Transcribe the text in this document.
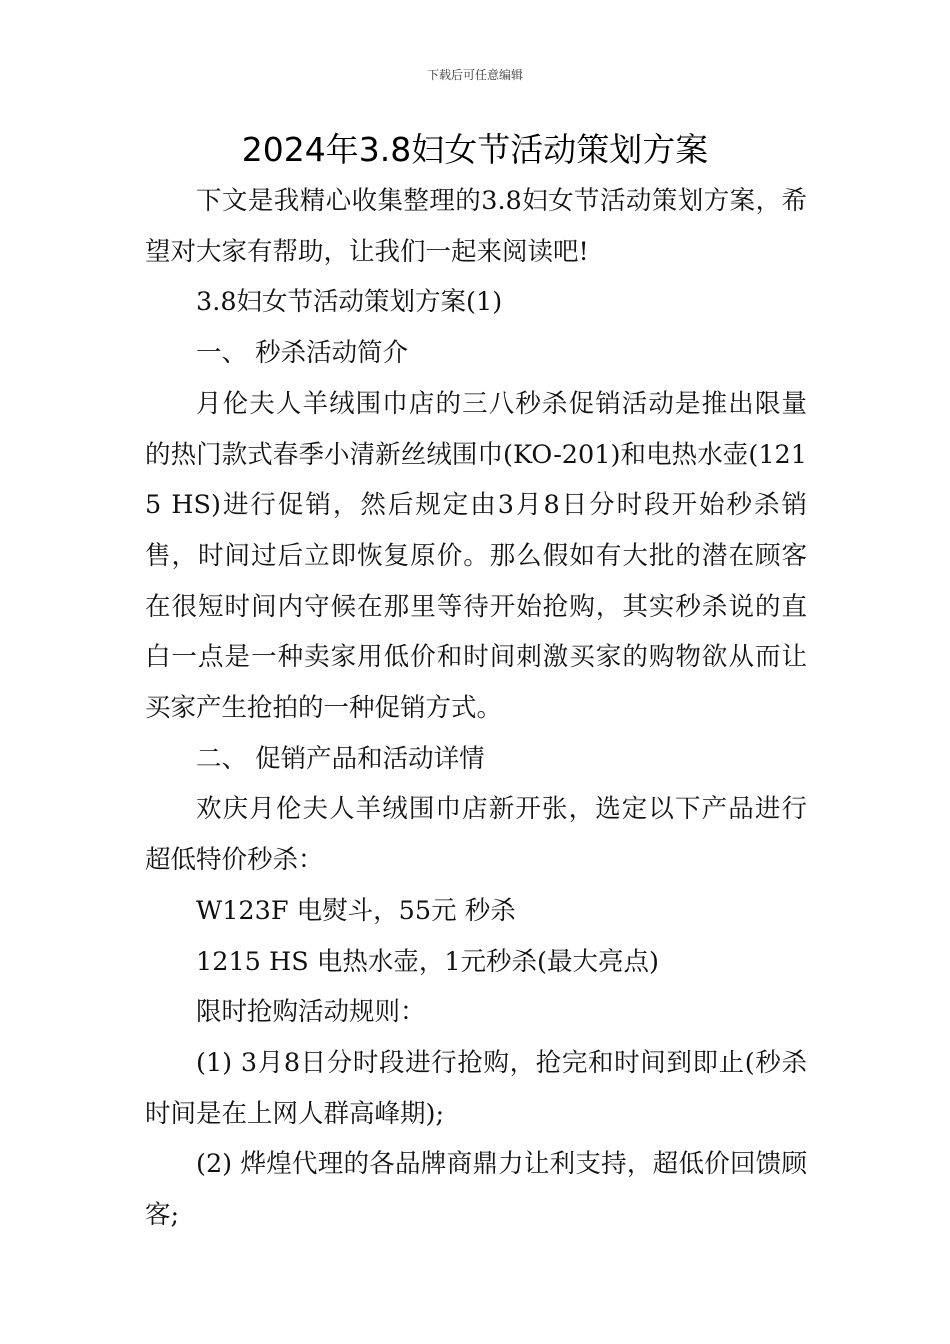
下载后可任意编辑
2024年3.8妇女节活动策划方案

下文是我精心收集整理的3.8妇女节活动策划方案，希望对大家有帮助，让我们一起来阅读吧!

3.8妇女节活动策划方案(1)

一、 秒杀活动简介

月伦夫人羊绒围巾店的三八秒杀促销活动是推出限量的热门款式春季小清新丝绒围巾(KO-201)和电热水壶(1215 HS)进行促销，然后规定由3月8日分时段开始秒杀销售，时间过后立即恢复原价。那么假如有大批的潜在顾客在很短时间内守候在那里等待开始抢购，其实秒杀说的直白一点是一种卖家用低价和时间刺激买家的购物欲从而让买家产生抢拍的一种促销方式。

二、 促销产品和活动详情

欢庆月伦夫人羊绒围巾店新开张，选定以下产品进行超低特价秒杀：

W123F 电熨斗，55元 秒杀

1215 HS 电热水壶，1元秒杀(最大亮点)

限时抢购活动规则：

(1) 3月8日分时段进行抢购，抢完和时间到即止(秒杀时间是在上网人群高峰期);

(2) 烨煌代理的各品牌商鼎力让利支持，超低价回馈顾客;
